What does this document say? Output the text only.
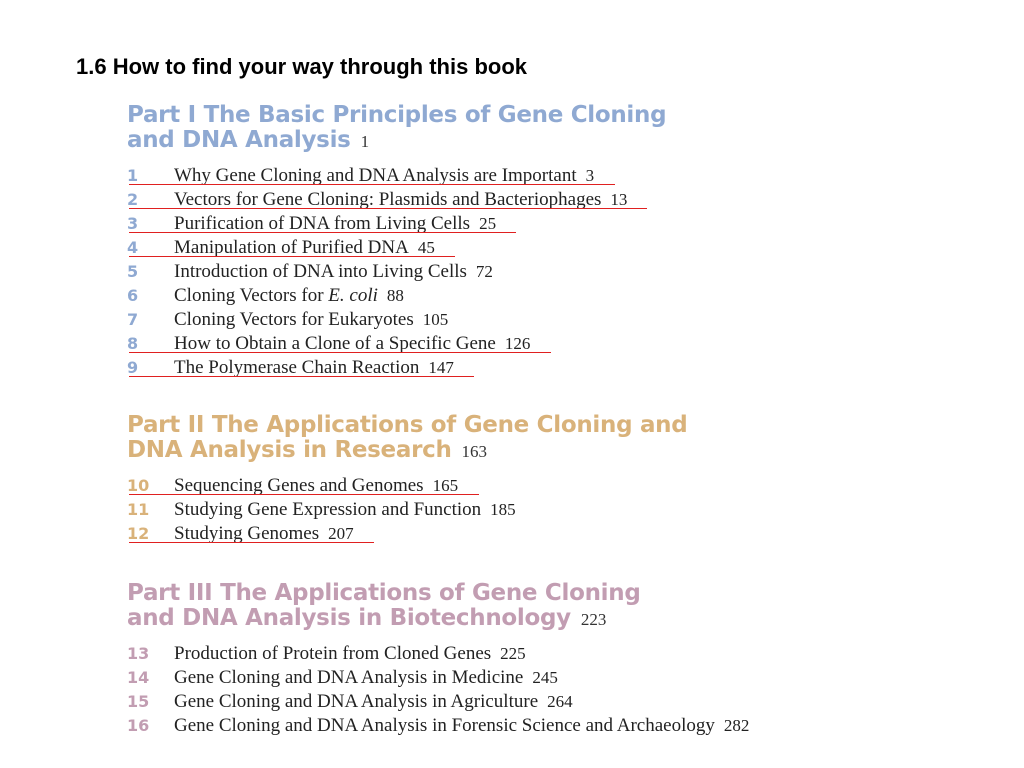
1.6 How to find your way through this book
Part I The Basic Principles of Gene Cloning
and DNA Analysis 1
1 Why Gene Cloning and DNA Analysis are Important 3
2 Vectors for Gene Cloning: Plasmids and Bacteriophages 13
3 Purification of DNA from Living Cells 25
4 Manipulation of Purified DNA 45
5 Introduction of DNA into Living Cells 72
6 Cloning Vectors for E. coli 88
7 Cloning Vectors for Eukaryotes 105
8 How to Obtain a Clone of a Specific Gene 126
9 The Polymerase Chain Reaction 147
Part II The Applications of Gene Cloning and
DNA Analysis in Research 163
10 Sequencing Genes and Genomes 165
11 Studying Gene Expression and Function 185
12 Studying Genomes 207
Part III The Applications of Gene Cloning
and DNA Analysis in Biotechnology 223
13 Production of Protein from Cloned Genes 225
14 Gene Cloning and DNA Analysis in Medicine 245
15 Gene Cloning and DNA Analysis in Agriculture 264
16 Gene Cloning and DNA Analysis in Forensic Science and Archaeology 282
